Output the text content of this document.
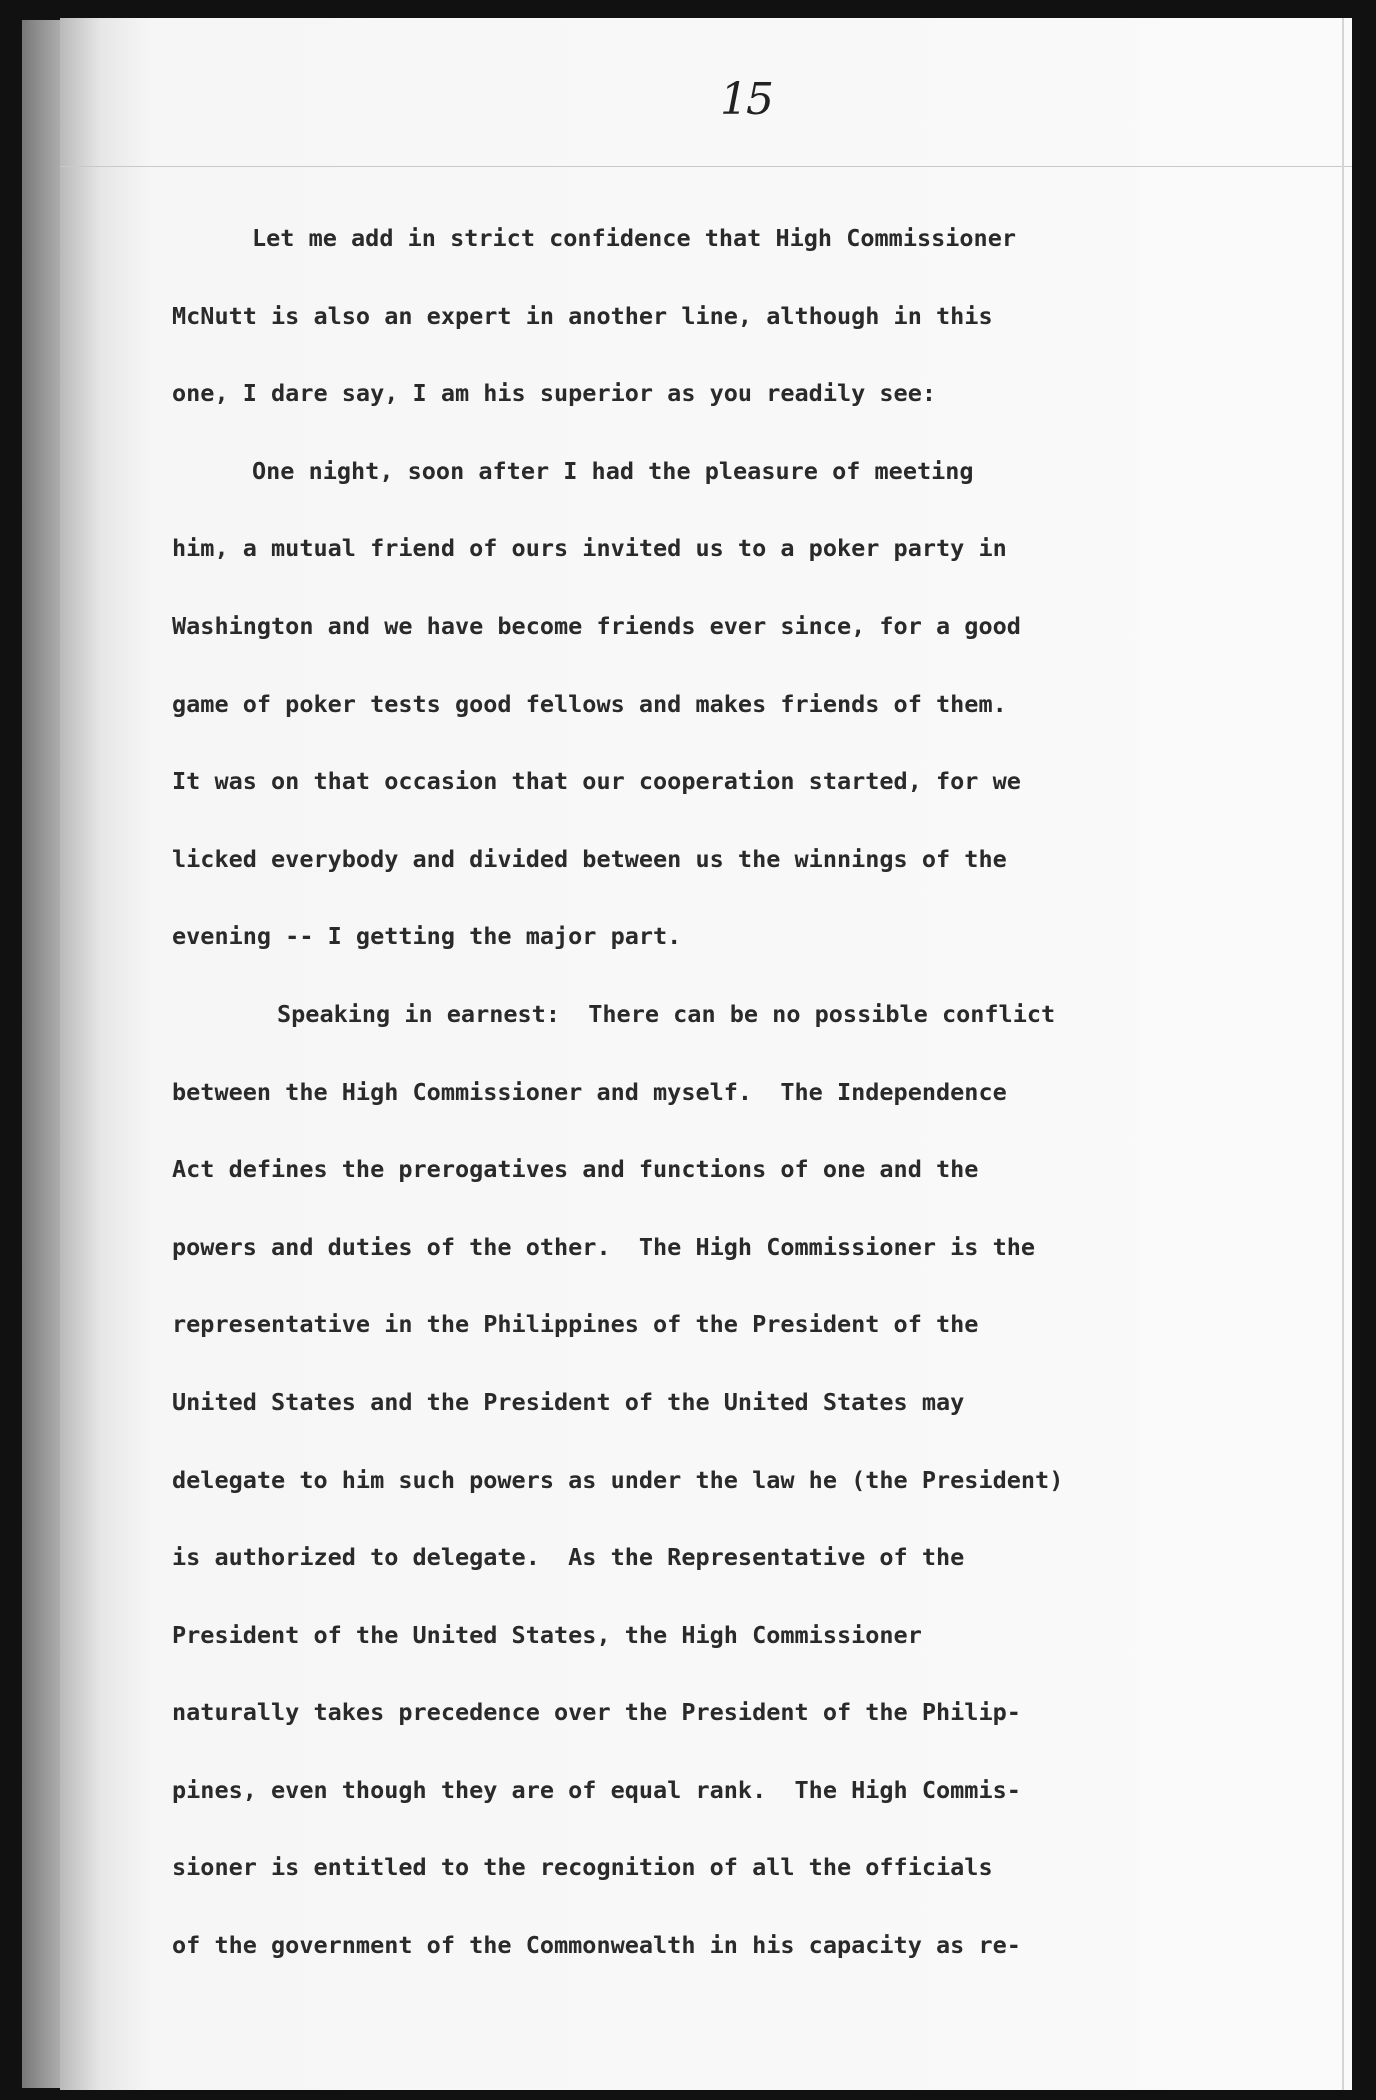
15
Let me add in strict confidence that High Commissioner
McNutt is also an expert in another line, although in this
one, I dare say, I am his superior as you readily see:
One night, soon after I had the pleasure of meeting
him, a mutual friend of ours invited us to a poker party in
Washington and we have become friends ever since, for a good
game of poker tests good fellows and makes friends of them.
It was on that occasion that our cooperation started, for we
licked everybody and divided between us the winnings of the
evening -- I getting the major part.
Speaking in earnest:  There can be no possible conflict
between the High Commissioner and myself.  The Independence
Act defines the prerogatives and functions of one and the
powers and duties of the other.  The High Commissioner is the
representative in the Philippines of the President of the
United States and the President of the United States may
delegate to him such powers as under the law he (the President)
is authorized to delegate.  As the Representative of the
President of the United States, the High Commissioner
naturally takes precedence over the President of the Philip-
pines, even though they are of equal rank.  The High Commis-
sioner is entitled to the recognition of all the officials
of the government of the Commonwealth in his capacity as re-
